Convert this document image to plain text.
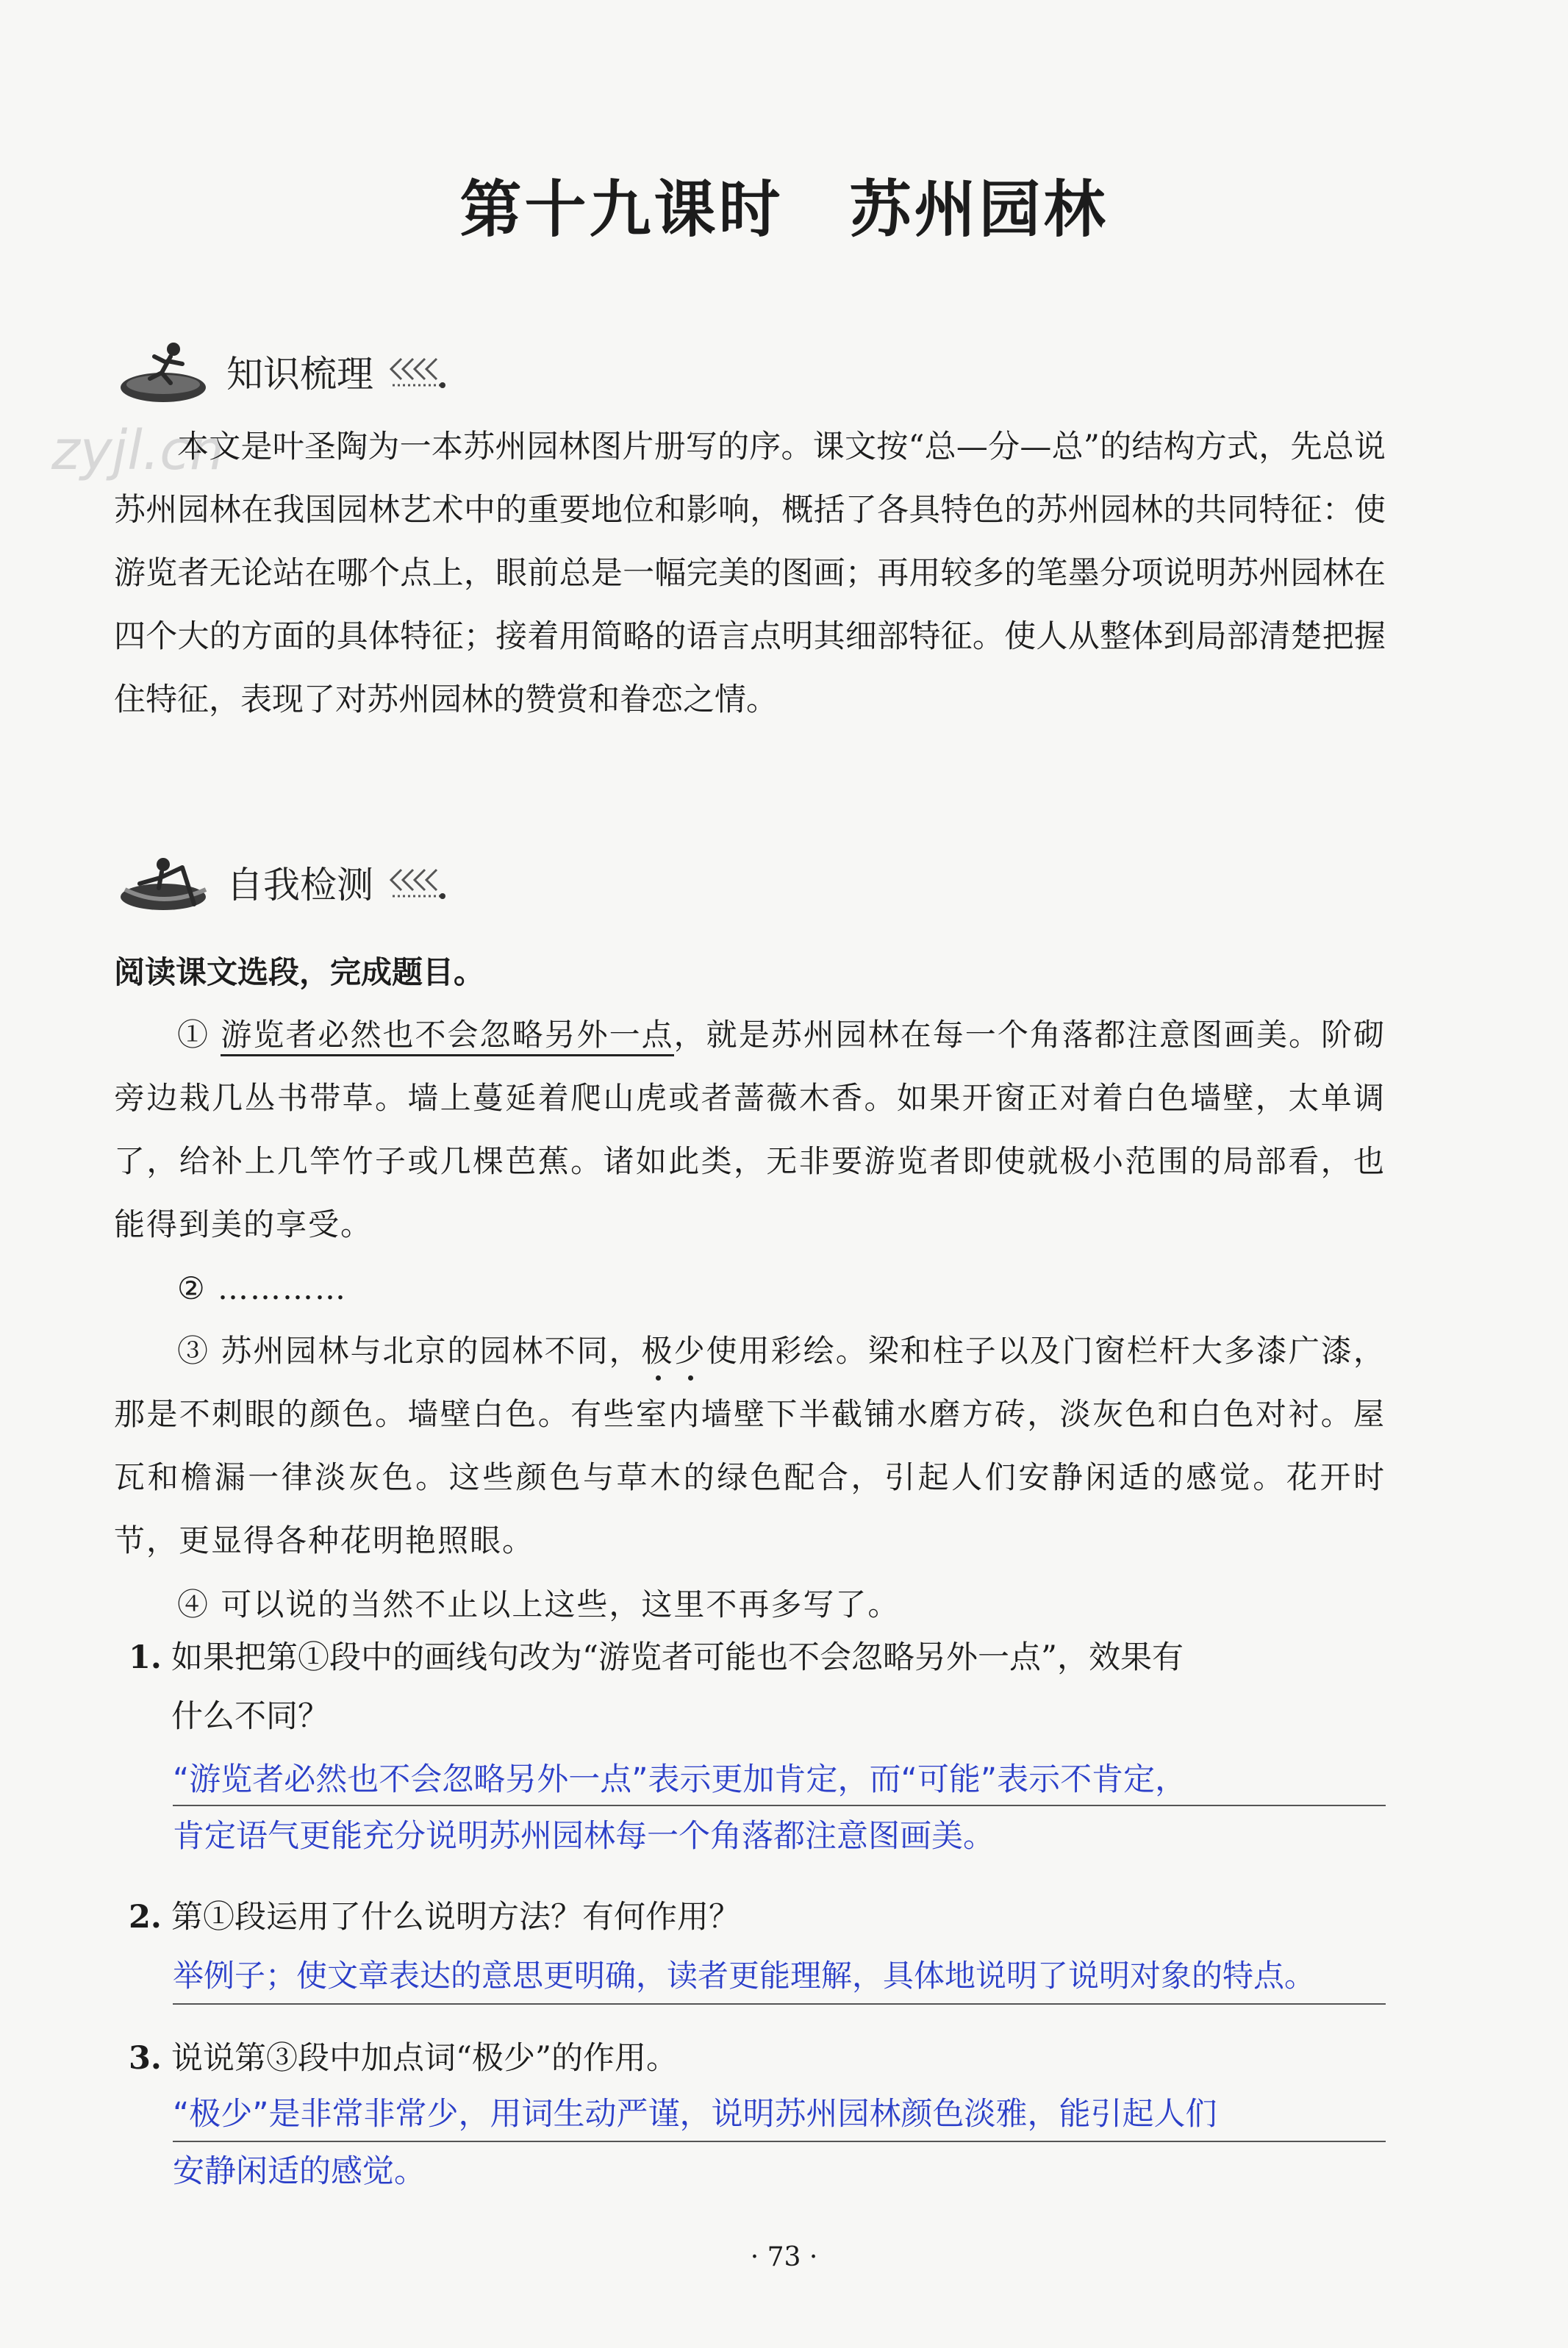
第十九课时 苏州园林
知识梳理
zyjl.cn
本文是叶圣陶为一本苏州园林图片册写的序。课文按“总—分—总”的结构方式，先总说苏州园林在我国园林艺术中的重要地位和影响，概括了各具特色的苏州园林的共同特征：使游览者无论站在哪个点上，眼前总是一幅完美的图画；再用较多的笔墨分项说明苏州园林在四个大的方面的具体特征；接着用简略的语言点明其细部特征。使人从整体到局部清楚把握住特征，表现了对苏州园林的赞赏和眷恋之情。
自我检测
阅读课文选段，完成题目。
① 游览者必然也不会忽略另外一点，就是苏州园林在每一个角落都注意图画美。阶砌旁边栽几丛书带草。墙上蔓延着爬山虎或者蔷薇木香。如果开窗正对着白色墙壁，太单调了，给补上几竿竹子或几棵芭蕉。诸如此类，无非要游览者即使就极小范围的局部看，也能得到美的享受。
② …………
③ 苏州园林与北京的园林不同，极少使用彩绘。梁和柱子以及门窗栏杆大多漆广漆，那是不刺眼的颜色。墙壁白色。有些室内墙壁下半截铺水磨方砖，淡灰色和白色对衬。屋瓦和檐漏一律淡灰色。这些颜色与草木的绿色配合，引起人们安静闲适的感觉。花开时节，更显得各种花明艳照眼。
④ 可以说的当然不止以上这些，这里不再多写了。
1. 如果把第①段中的画线句改为“游览者可能也不会忽略另外一点”，效果有
什么不同？
“游览者必然也不会忽略另外一点”表示更加肯定，而“可能”表示不肯定，
肯定语气更能充分说明苏州园林每一个角落都注意图画美。
2. 第①段运用了什么说明方法？有何作用？
举例子；使文章表达的意思更明确，读者更能理解，具体地说明了说明对象的特点。
3. 说说第③段中加点词“极少”的作用。
“极少”是非常非常少，用词生动严谨，说明苏州园林颜色淡雅，能引起人们
安静闲适的感觉。
· 73 ·
